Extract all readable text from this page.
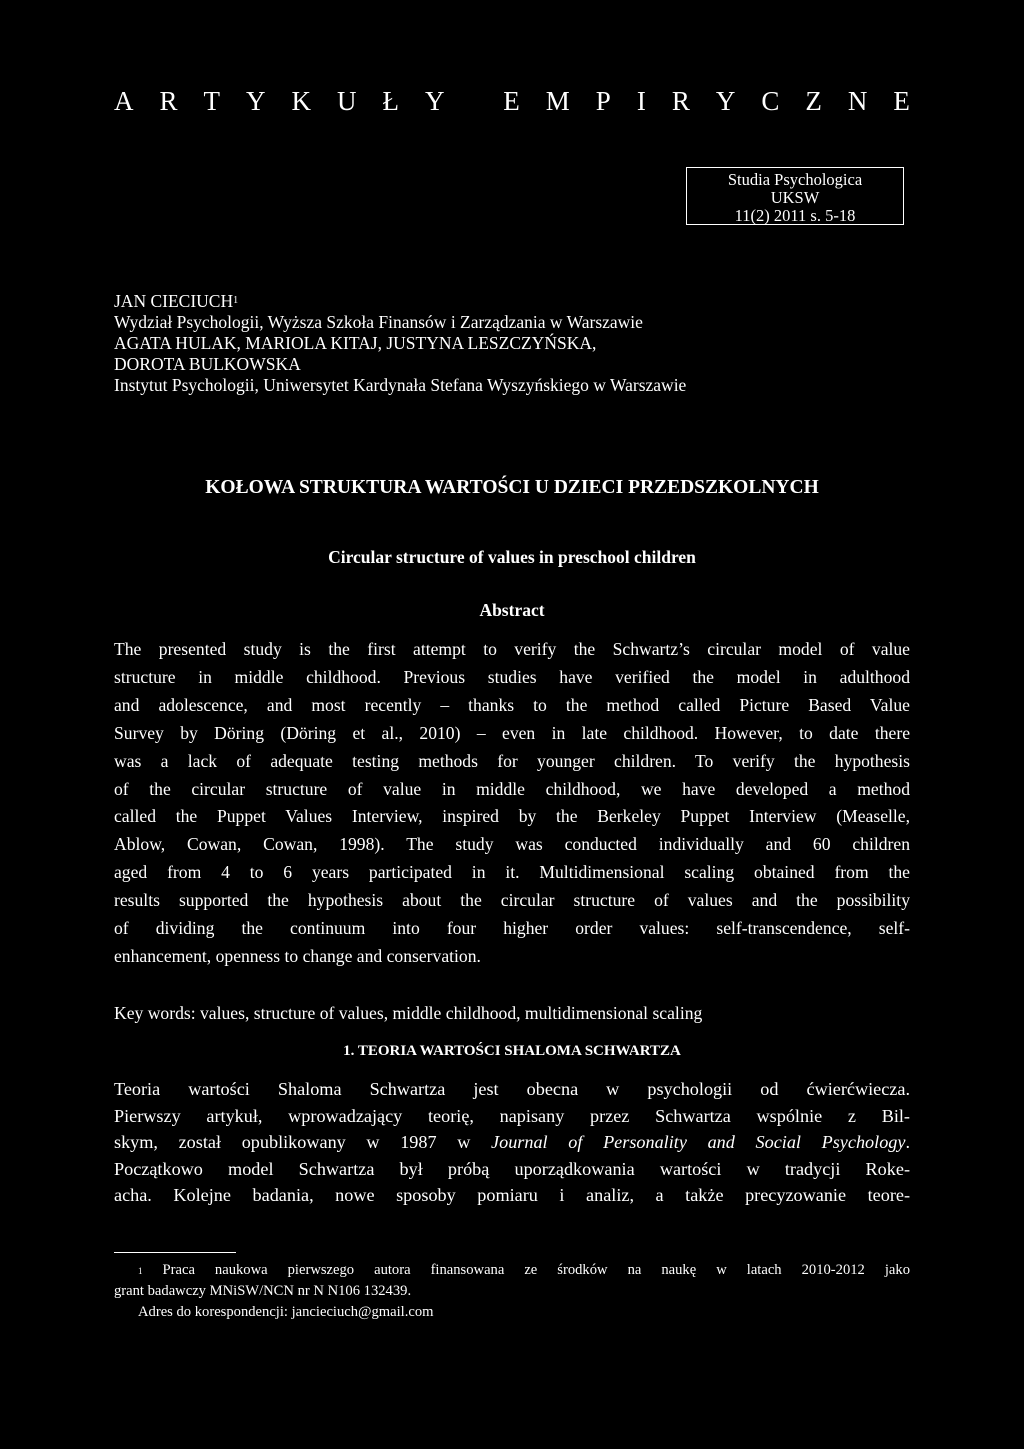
A R T Y K U Ł Y
E M P I R Y C Z N E
Studia Psychologica
UKSW
11(2) 2011 s. 5-18
JAN CIECIUCH$^1$
Wydział Psychologii, Wyższa Szkoła Finansów i Zarządzania w Warszawie
AGATA HULAK, MARIOLA KITAJ, JUSTYNA LESZCZYŃSKA,
DOROTA BULKOWSKA
Instytut Psychologii, Uniwersytet Kardynała Stefana Wyszyńskiego w Warszawie
KOŁOWA STRUKTURA WARTOŚCI U DZIECI PRZEDSZKOLNYCH
Circular structure of values in preschool children
Abstract
The presented study is the first attempt to verify the Schwartz’s circular model of value
structure in middle childhood. Previous studies have verified the model in adulthood
and adolescence, and most recently – thanks to the method called Picture Based Value
Survey by Döring (Döring et al., 2010) – even in late childhood. However, to date there
was a lack of adequate testing methods for younger children. To verify the hypothesis
of the circular structure of value in middle childhood, we have developed a method
called the Puppet Values Interview, inspired by the Berkeley Puppet Interview (Measelle,
Ablow, Cowan, Cowan, 1998). The study was conducted individually and 60 children
aged from 4 to 6 years participated in it. Multidimensional scaling obtained from the
results supported the hypothesis about the circular structure of values and the possibility
of dividing the continuum into four higher order values: self-transcendence, self-
enhancement, openness to change and conservation.
Key words: values, structure of values, middle childhood, multidimensional scaling
1. TEORIA WARTOŚCI SHALOMA SCHWARTZA
Teoria wartości Shaloma Schwartza jest obecna w psychologii od ćwierćwiecza.
Pierwszy artykuł, wprowadzający teorię, napisany przez Schwartza wspólnie z Bil-
skym, został opublikowany w 1987 w Journal of Personality and Social Psychology.
Początkowo model Schwartza był próbą uporządkowania wartości w tradycji Roke-
acha. Kolejne badania, nowe sposoby pomiaru i analiz, a także precyzowanie teore-
$^1$ Praca naukowa pierwszego autora finansowana ze środków na naukę w latach 2010-2012 jako
grant badawczy MNiSW/NCN nr N N106 132439.
Adres do korespondencji: jancieciuch@gmail.com
